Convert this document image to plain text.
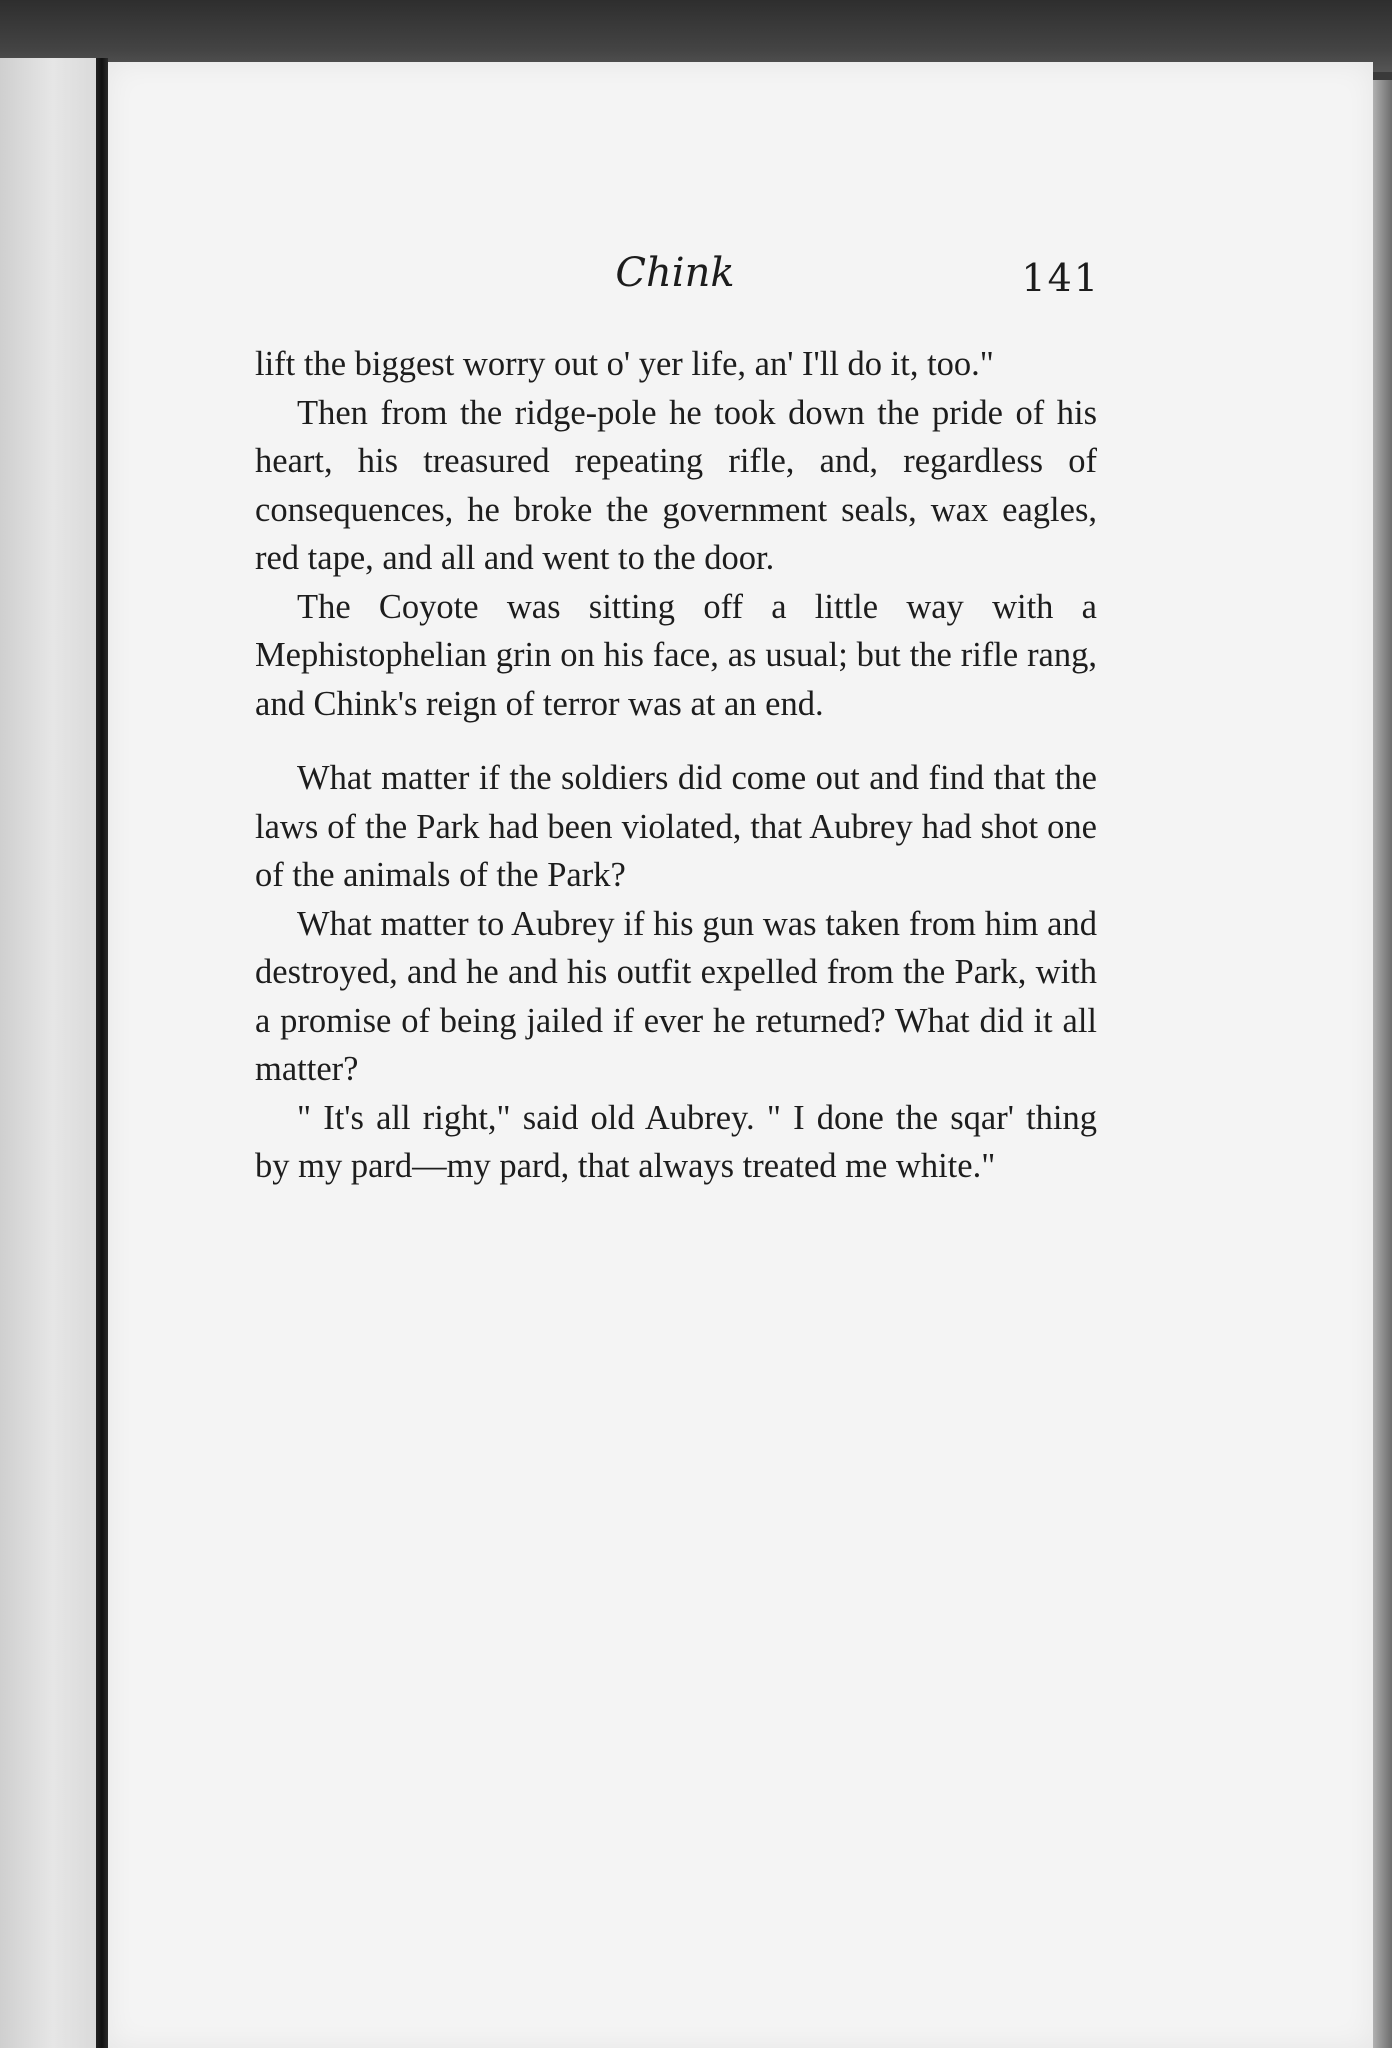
Chink	141

lift the biggest worry out o' yer life, an' I'll do it, too."

Then from the ridge-pole he took down the pride of his heart, his treasured repeating rifle, and, regardless of consequences, he broke the government seals, wax eagles, red tape, and all and went to the door.

The Coyote was sitting off a little way with a Mephistophelian grin on his face, as usual; but the rifle rang, and Chink's reign of terror was at an end.

What matter if the soldiers did come out and find that the laws of the Park had been violated, that Aubrey had shot one of the animals of the Park?

What matter to Aubrey if his gun was taken from him and destroyed, and he and his outfit expelled from the Park, with a promise of being jailed if ever he returned? What did it all matter?

" It's all right," said old Aubrey. " I done the sqar' thing by my pard—my pard, that always treated me white."
